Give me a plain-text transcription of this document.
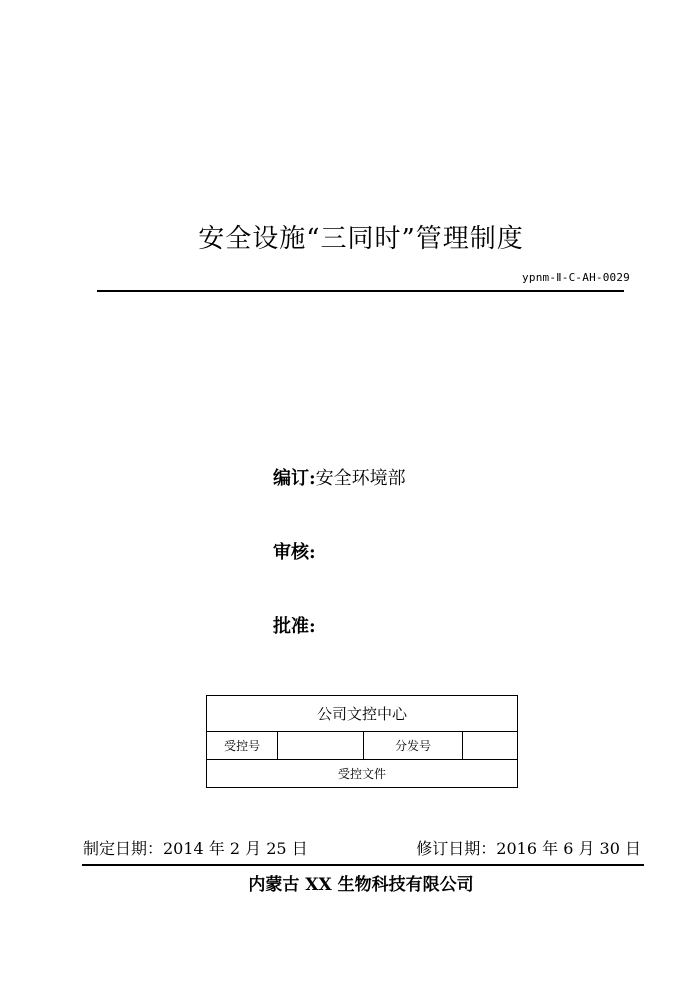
安全设施“三同时”管理制度
ypnm-Ⅱ-C-AH-0029
编订:安全环境部
审核:
批准:
公司文控中心
受控号		分发号	
受控文件
制定日期：2014 年 2 月 25 日	修订日期：2016 年 6 月 30 日
内蒙古 XX 生物科技有限公司
